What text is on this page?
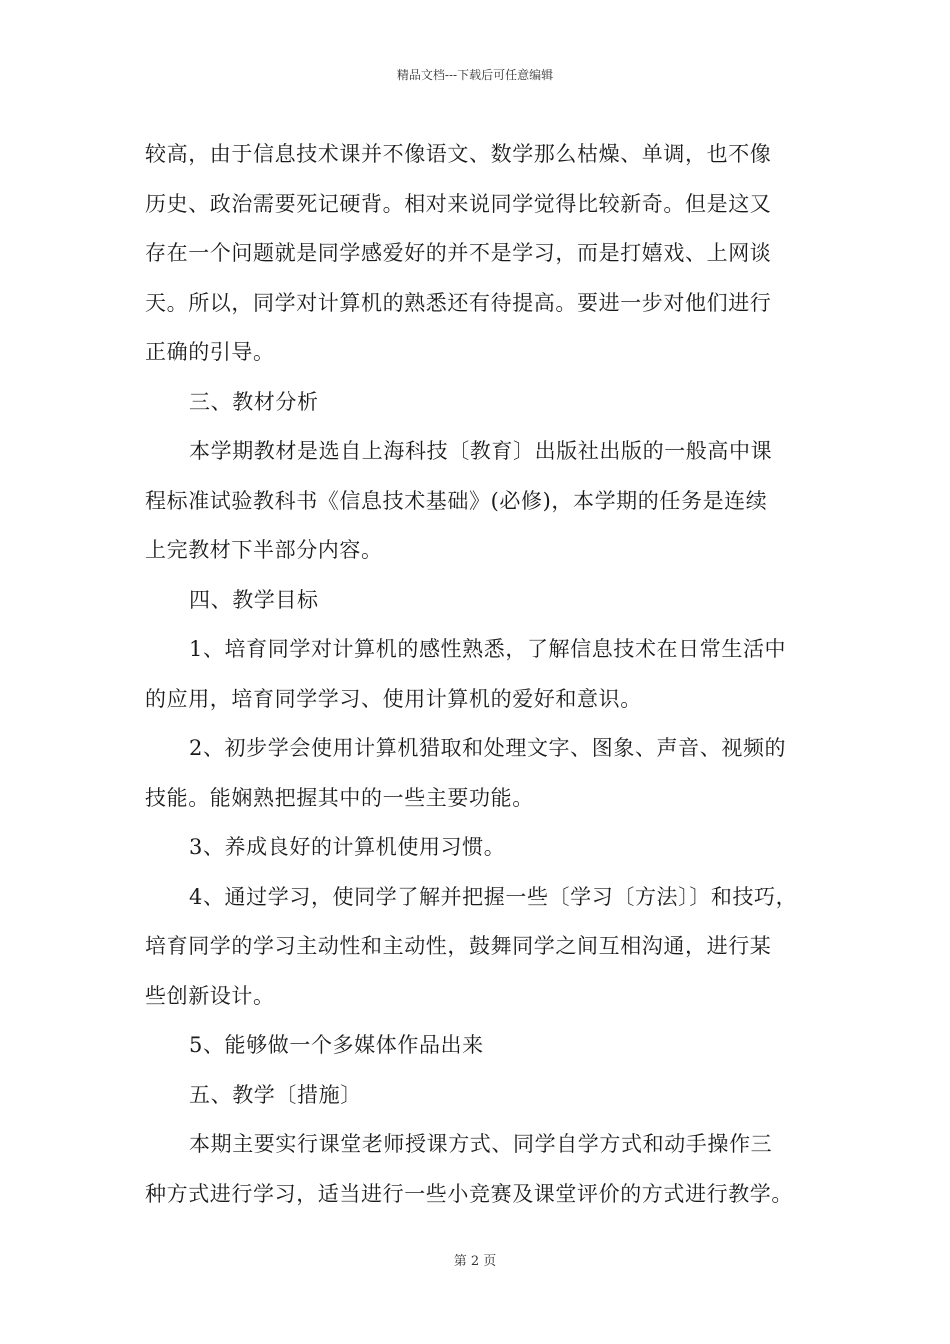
精品文档---下载后可任意编辑

较高，由于信息技术课并不像语文、数学那么枯燥、单调，也不像

历史、政治需要死记硬背。相对来说同学觉得比较新奇。但是这又

存在一个问题就是同学感爱好的并不是学习，而是打嬉戏、上网谈

天。所以，同学对计算机的熟悉还有待提高。要进一步对他们进行

正确的引导。

三、教材分析

本学期教材是选自上海科技〔教育〕出版社出版的一般高中课

程标准试验教科书《信息技术基础》(必修)，本学期的任务是连续

上完教材下半部分内容。

四、教学目标

1、培育同学对计算机的感性熟悉，了解信息技术在日常生活中

的应用，培育同学学习、使用计算机的爱好和意识。

2、初步学会使用计算机猎取和处理文字、图象、声音、视频的

技能。能娴熟把握其中的一些主要功能。

3、养成良好的计算机使用习惯。

4、通过学习，使同学了解并把握一些〔学习〔方法〕〕和技巧，

培育同学的学习主动性和主动性，鼓舞同学之间互相沟通，进行某

些创新设计。

5、能够做一个多媒体作品出来

五、教学〔措施〕

本期主要实行课堂老师授课方式、同学自学方式和动手操作三

种方式进行学习，适当进行一些小竞赛及课堂评价的方式进行教学。

第 2 页
